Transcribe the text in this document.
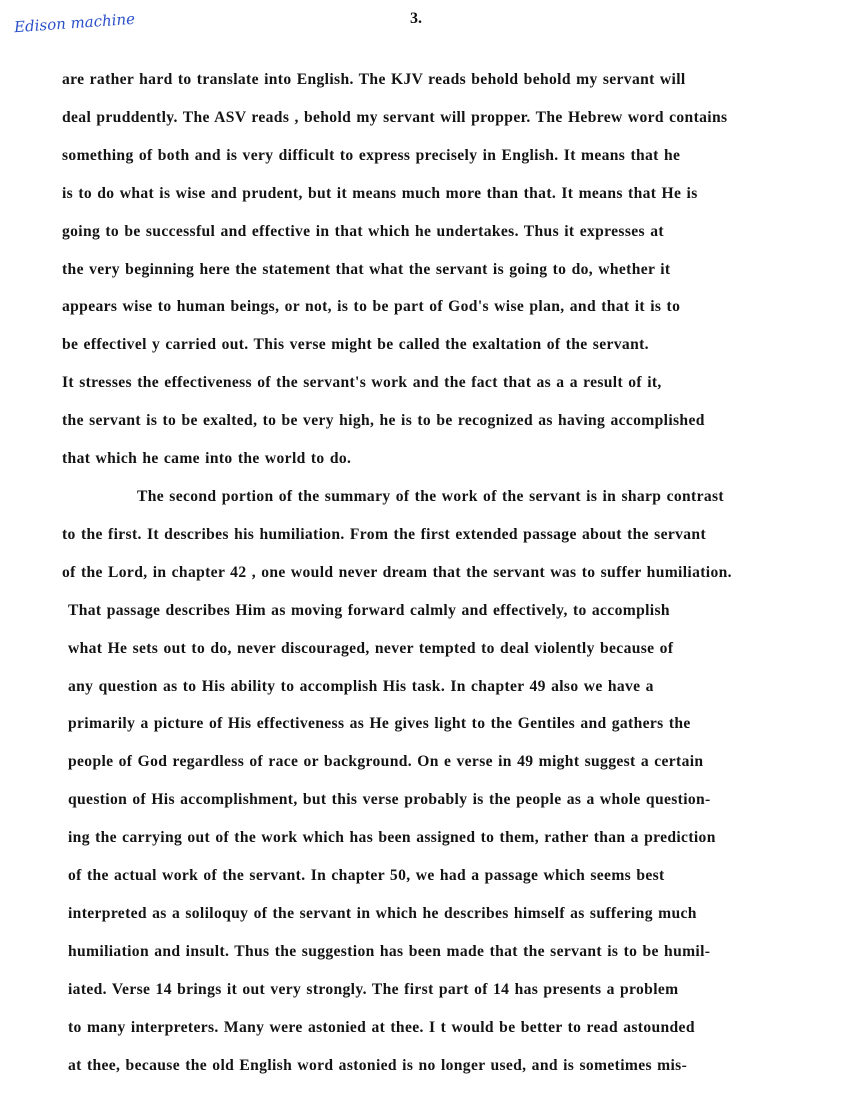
Edison machine	3.
are rather hard to translate into English. The KJV reads behold behold my servant will
deal pruddently. The ASV reads , behold my servant will propper. The Hebrew word contains
something of both and is very difficult to express precisely in English. It means that he
is to do what is wise and prudent, but it means much more than that. It means that He is
going to be successful and effective in that which he undertakes. Thus it expresses at
the very beginning here the statement that what the servant is going to do, whether it
appears wise to human beings, or not, is to be part of God's wise plan, and that it is to
be effectivel y carried out. This verse might be called the exaltation of the servant.
It stresses the effectiveness of the servant's work and the fact that as a a result of it,
the servant is to be exalted, to be very high, he is to be recognized as having accomplished
that which he came into the world to do.
The second portion of the summary of the work of the servant is in sharp contrast
to the first. It describes his humiliation. From the first extended passage about the servant
of the Lord, in chapter 42 , one would never dream that the servant was to suffer humiliation.
That passage describes Him as moving forward calmly and effectively, to accomplish
what He sets out to do, never discouraged, never tempted to deal violently because of
any question as to His ability to accomplish His task. In chapter 49 also we have a
primarily a picture of His effectiveness as He gives light to the Gentiles and gathers the
people of God regardless of race or background. On e verse in 49 might suggest a certain
question of His accomplishment, but this verse probably is the people as a whole question-
ing the carrying out of the work which has been assigned to them, rather than a prediction
of the actual work of the servant. In chapter 50, we had a passage which seems best
interpreted as a soliloquy of the servant in which he describes himself as suffering much
humiliation and insult. Thus the suggestion has been made that the servant is to be humil-
iated. Verse 14 brings it out very strongly. The first part of 14 has presents a problem
to many interpreters. Many were astonied at thee. I t would be better to read astounded
at thee, because the old English word astonied is no longer used, and is sometimes mis-
